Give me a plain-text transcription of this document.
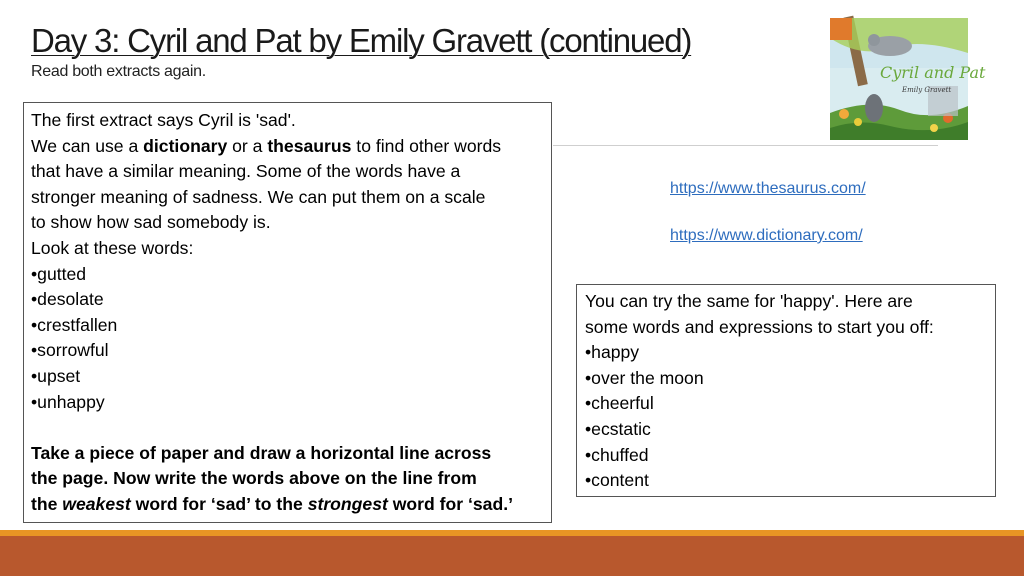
Day 3: Cyril and Pat by Emily Gravett (continued)
Read both extracts again.	Cyril and Pat
Emily Gravett
The first extract says Cyril is 'sad'.
We can use a dictionary or a thesaurus to find other words
that have a similar meaning. Some of the words have a
stronger meaning of sadness. We can put them on a scale
to show how sad somebody is.
Look at these words:
•gutted
•desolate
•crestfallen
•sorrowful
•upset
•unhappy
Take a piece of paper and draw a horizontal line across
the page. Now write the words above on the line from
the weakest word for ‘sad’ to the strongest word for ‘sad.’
https://www.thesaurus.com/
https://www.dictionary.com/
You can try the same for 'happy'. Here are
some words and expressions to start you off:
•happy
•over the moon
•cheerful
•ecstatic
•chuffed
•content
